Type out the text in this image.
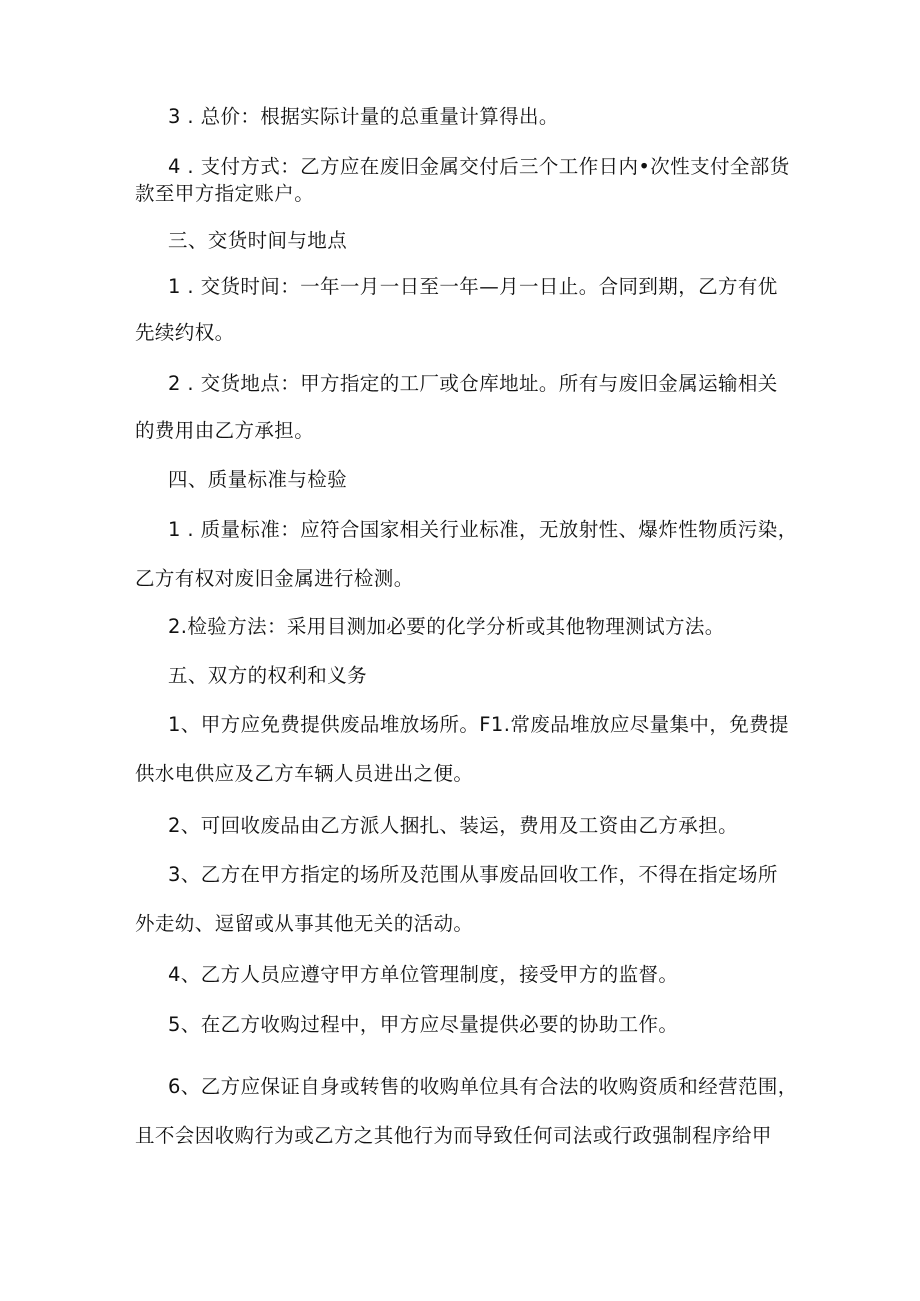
3 . 总价：根据实际计量的总重量计算得出。
4 . 支付方式：乙方应在废旧金属交付后三个工作日内•次性支付全部货
款至甲方指定账户。
三、交货时间与地点
1 . 交货时间：一年一月一日至一年—月一日止。合同到期，乙方有优
先续约权。
2 . 交货地点：甲方指定的工厂或仓库地址。所有与废旧金属运输相关
的费用由乙方承担。
四、质量标准与检验
1 . 质量标准：应符合国家相关行业标准，无放射性、爆炸性物质污染，
乙方有权对废旧金属进行检测。
2.检验方法：采用目测加必要的化学分析或其他物理测试方法。
五、双方的权利和义务
1、甲方应免费提供废品堆放场所。F1.常废品堆放应尽量集中，免费提
供水电供应及乙方车辆人员进出之便。
2、可回收废品由乙方派人捆扎、装运，费用及工资由乙方承担。
3、乙方在甲方指定的场所及范围从事废品回收工作，不得在指定场所
外走幼、逗留或从事其他无关的活动。
4、乙方人员应遵守甲方单位管理制度，接受甲方的监督。
5、在乙方收购过程中，甲方应尽量提供必要的协助工作。
6、乙方应保证自身或转售的收购单位具有合法的收购资质和经营范围，
且不会因收购行为或乙方之其他行为而导致任何司法或行政强制程序给甲
